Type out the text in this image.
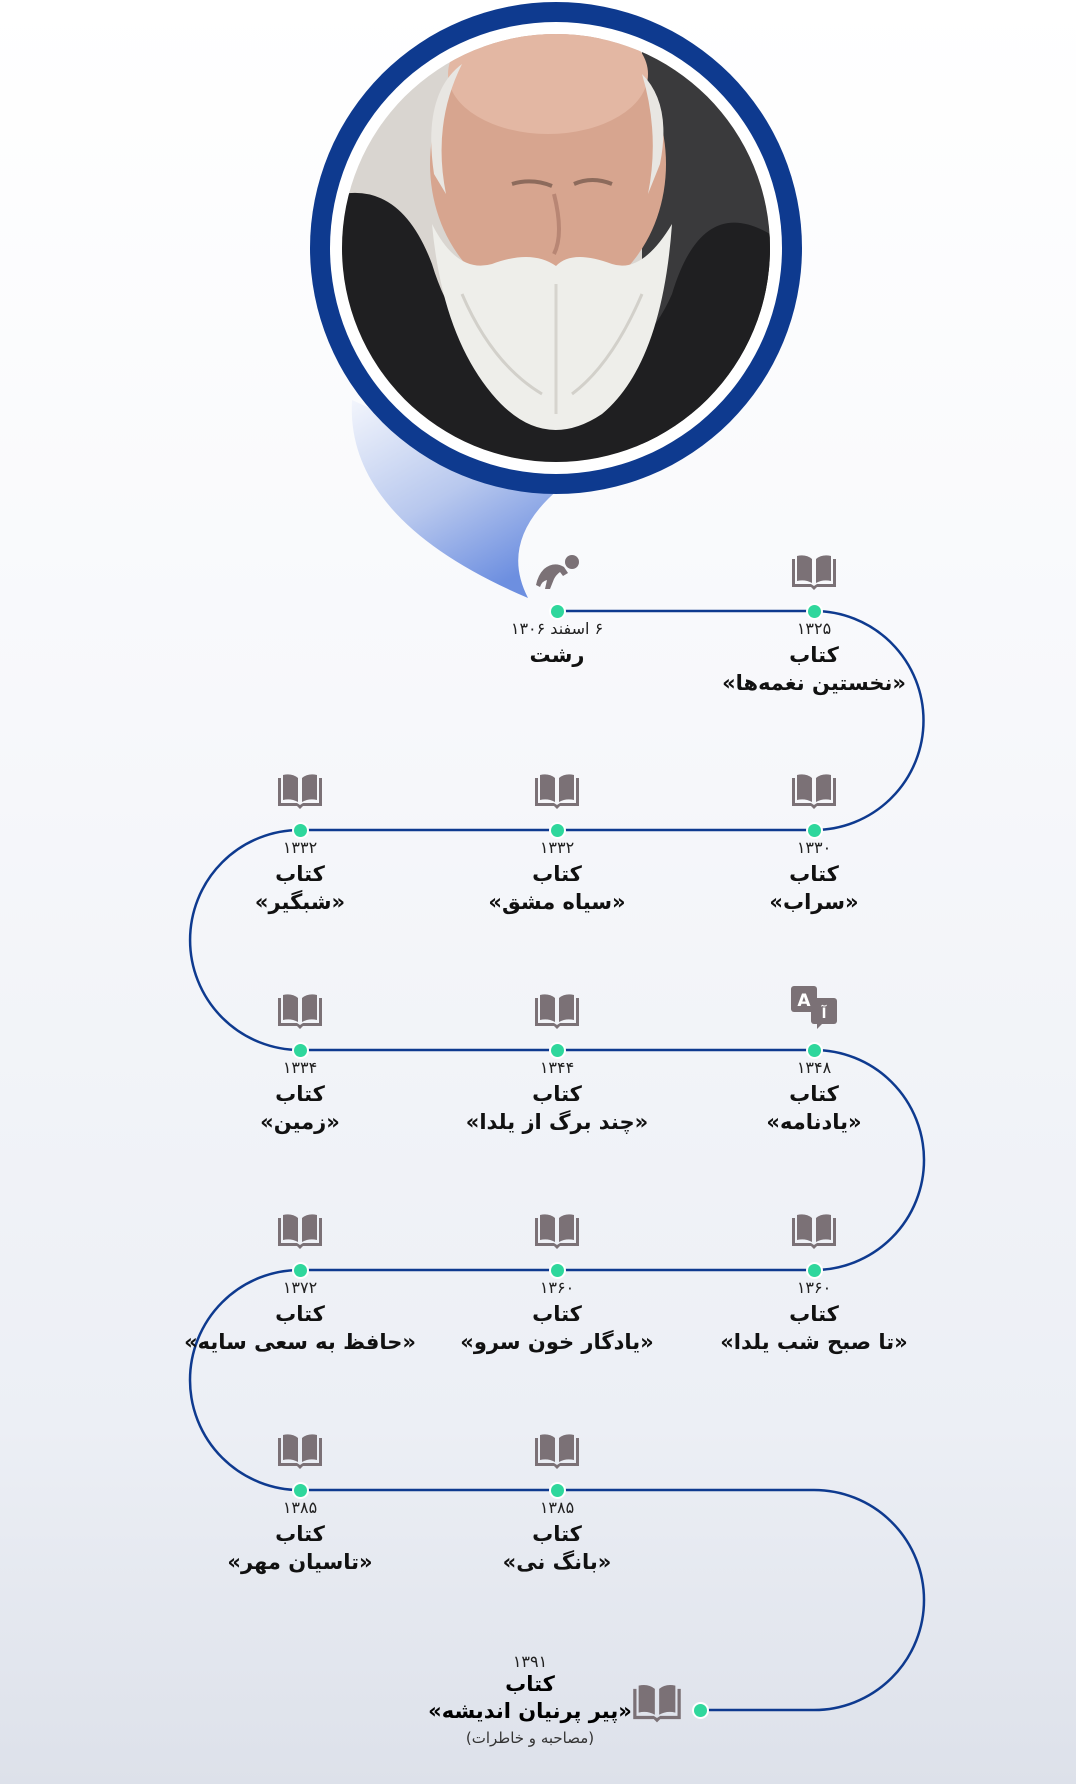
۶ اسفند ۱۳۰۶
رشت
۱۳۲۵
کتاب
«نخستین نغمه‌ها»
۱۳۳۰
کتاب
«سراب»
۱۳۳۲
کتاب
«سیاه مشق»
۱۳۳۲
کتاب
«شبگیر»
A
آ
۱۳۴۸
کتاب
«یادنامه»
۱۳۴۴
کتاب
«چند برگ از یلدا»
۱۳۳۴
کتاب
«زمین»
۱۳۶۰
کتاب
«تا صبح شب یلدا»
۱۳۶۰
کتاب
«یادگار خون سرو»
۱۳۷۲
کتاب
«حافظ به سعی سایه»
۱۳۸۵
کتاب
«بانگ نی»
۱۳۸۵
کتاب
«تاسیان مهر»
۱۳۹۱
کتاب
«پیر پرنیان اندیشه»
(مصاحبه و خاطرات)
